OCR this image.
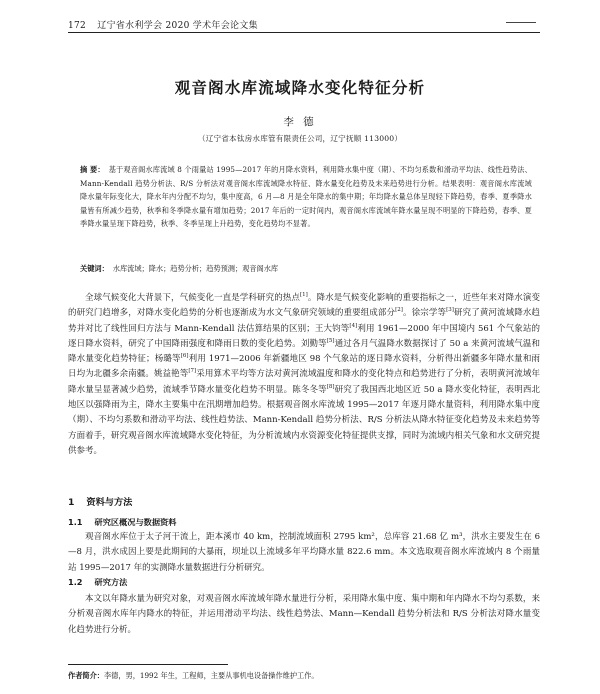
172 辽宁省水利学会 2020 学术年会论文集
观音阁水库流域降水变化特征分析
李 德
（辽宁省本钛房水库管有限责任公司，辽宁抚顺 113000）
摘 要： 基于观音阁水库流域 8 个雨量站 1995—2017 年的月降水资料，利用降水集中度（期）、不均匀系数和滑动平均法、线性趋势法、Mann-Kendall 趋势分析法、R/S 分析法对观音阁水库流域降水特征、降水量变化趋势及未来趋势进行分析。结果表明：观音阁水库流域降水量年际变化大，降水年内分配不均匀，集中度高，6 月—8 月是全年降水的集中期；年均降水量总体呈现轻下降趋势，春季、夏季降水量皆有所减少趋势，秋季和冬季降水量有增加趋势；2017 年后的一定时间内，观音阁水库流域年降水量呈现不明显的下降趋势，春季、夏季降水量呈现下降趋势，秋季、冬季呈现上升趋势，变化趋势均不显著。
关键词： 水库流域；降水；趋势分析；趋势预测；观音阁水库
全球气候变化大背景下，气候变化一直是学科研究的热点[1]。降水是气候变化影响的重要指标之一，近些年来对降水演变的研究门趋增多，对降水变化趋势的分析也逐渐成为水文气象研究领域的重要组成部分[2]。徐宗学等[3]研究了黄河流域降水趋势并对比了线性回归方法与 Mann-Kendall 法估算结果的区别；王大钧等[4]利用 1961—2000 年中国境内 561 个气象站的逐日降水资料，研究了中国降雨强度和降雨日数的变化趋势。刘勤等[5]通过各月气温降水数据探讨了 50 a 来黄河流域气温和降水量变化趋势特征；杨璐等[6]利用 1971—2006 年新疆地区 98 个气象站的逐日降水资料，分析得出新疆多年降水量和雨日均为北疆多余南疆。姚益艳等[7]采用算术平均等方法对黄河流域温度和降水的变化特点和趋势进行了分析，表明黄河流域年降水量呈显著减少趋势，流域季节降水量变化趋势不明显。陈冬冬等[8]研究了我国西北地区近 50 a 降水变化特征，表明西北地区以强降雨为主，降水主要集中在汛期增加趋势。根据观音阁水库流域 1995—2017 年逐月降水量资料，利用降水集中度（期）、不均匀系数和滑动平均法、线性趋势法、Mann-Kendall 趋势分析法、R/S 分析法从降水特征变化趋势及未来趋势等方面着手，研究观音阁水库流域降水变化特征，为分析流域内水资源变化特征提供支撑，同时为流域内相关气象和水文研究提供参考。
1 资料与方法
1.1 研究区概况与数据资料
观音阁水库位于太子河干流上，距本溪市 40 km，控制流域面积 2795 km²，总库容 21.68 亿 m³，洪水主要发生在 6—8 月，洪水成因上要是此期间的大暴雨，坝址以上流域多年平均降水量 822.6 mm。本文选取观音阁水库流域内 8 个雨量站 1995—2017 年的实测降水量数据进行分析研究。
1.2 研究方法
本文以年降水量为研究对象，对观音阁水库流域年降水量进行分析，采用降水集中度、集中期和年内降水不均匀系数，来分析观音阁水库年内降水的特征，并运用滑动平均法、线性趋势法、Mann—Kendall 趋势分析法和 R/S 分析法对降水量变 化趋势进行分析。
作者简介：李德，男，1992 年生，工程师，主要从事机电设备操作维护工作。
